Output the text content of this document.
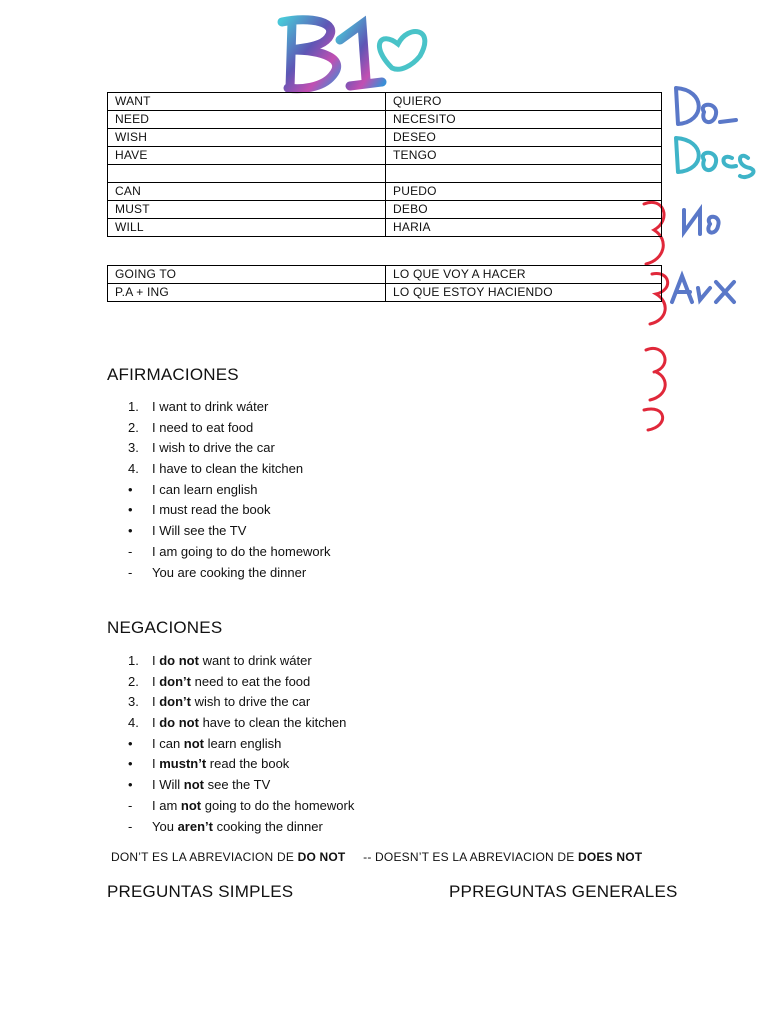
WANT	QUIERO
NEED	NECESITO
WISH	DESEO
HAVE	TENGO

CAN	PUEDO
MUST	DEBO
WILL	HARIA
GOING TO	LO QUE VOY A HACER
P.A + ING	LO QUE ESTOY HACIENDO
AFIRMACIONES
1.	I want to drink wáter
2.	I need to eat food
3.	I wish to drive the car
4.	I have to clean the kitchen
•	I can learn english
•	I must read the book
•	I Will see the TV
-	I am going to do the homework
-	You are cooking the dinner
NEGACIONES
1.	I do not want to drink wáter
2.	I don’t need to eat the food
3.	I don’t wish to drive the car
4.	I do not have to clean the kitchen
•	I can not learn english
•	I mustn’t read the book
•	I Will not see the TV
-	I am not going to do the homework
-	You aren’t cooking the dinner
DON’T ES LA ABREVIACION DE DO NOT     -- DOESN’T ES LA ABREVIACION DE DOES NOT
PREGUNTAS SIMPLES	PPREGUNTAS GENERALES
